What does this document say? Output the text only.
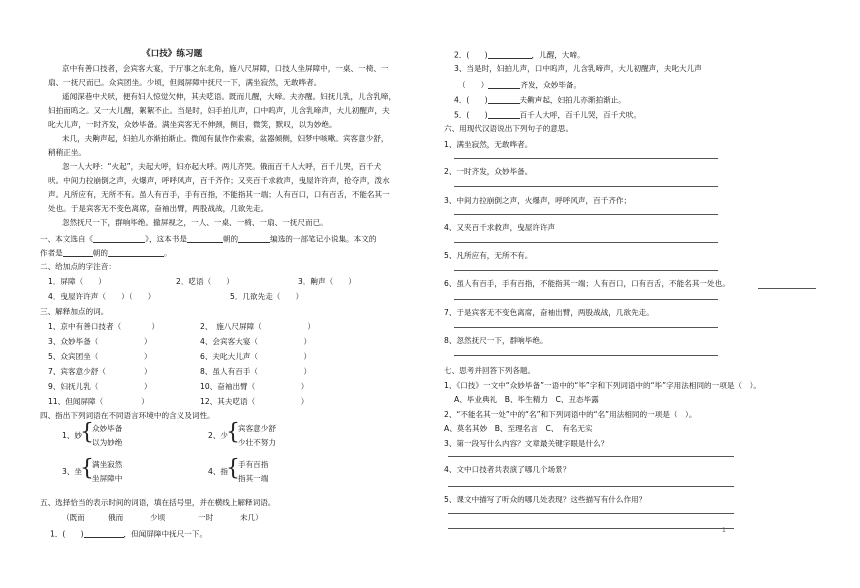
《口技》练习题
京中有善口技者，会宾客大宴，于厅事之东北角，施八尺屏障，口技人坐屏障中，一桌、一椅、一
扇、一抚尺而已。众宾团坐。少顷，但闻屏障中抚尺一下，满坐寂然，无敢哗者。
遥闻深巷中犬吠，便有妇人惊觉欠伸，其夫呓语。既而儿醒，大啼。夫亦醒。妇抚儿乳，儿含乳啼，
妇拍而呜之。又一大儿醒，絮絮不止。当是时，妇手拍儿声，口中呜声，儿含乳啼声，大儿初醒声，夫
叱大儿声，一时齐发，众妙毕备。满坐宾客无不伸颈，侧目，微笑，默叹，以为妙绝。
未几，夫齁声起，妇拍儿亦渐拍渐止。微闻有鼠作作索索，盆器倾侧，妇梦中咳嗽。宾客意少舒，
稍稍正坐。
忽一人大呼：“火起”，夫起大呼，妇亦起大呼。两儿齐哭。俄而百千人大呼，百千儿哭，百千犬
吠。中间力拉崩倒之声，火爆声，呼呼风声，百千齐作；又夹百千求救声，曳屋许许声，抢夺声，泼水
声。凡所应有，无所不有。虽人有百手，手有百指，不能指其一端；人有百口，口有百舌，不能名其一
处也。于是宾客无不变色离席，奋袖出臂，两股战战，几欲先走。
忽然抚尺一下，群响毕绝。撤屏视之，一人、一桌、一椅、一扇、一抚尺而已。
一、本文选自《	》，这本书是	朝的	编选的一部笔记小说集。本文的
作者是	朝的	。
二、给加点的字注音：
1．屏障（　　）	2．呓语（　　）	3．齁声（　　）
4．曳屋许许声（　　）（　　）	5．几欲先走（　　）
三、解释加点的词。
1、京中有善口技者（　　　　）	2、　施八尺屏障（　　　　　　）
3、众妙毕备（　　　　　　）	4、会宾客大宴（　　　　　　）
5、众宾团坐（　　　　　　）	6、夫叱大儿声（　　　　　　）
7、宾客意少舒（　　　　　）	8、虽人有百手（　　　　　　）
9、妇抚儿乳（　　　　　　）	10、奋袖出臂（　　　　　　）
11、但闻屏障（　　　　　）	12、其夫呓语（　　　　　　）
四、指出下列词语在不同语言环境中的含义及词性。
1、妙
{
众妙毕备
以为妙绝
2、少
{
宾客意少舒
少壮不努力
3、坐
{
满坐寂然
坐屏障中
4、指
{
手有百指
指其一端
五、选择恰当的表示时间的词语，填在括号里，并在横线上解释词语。
（既而	俄而	少顷	一时	未几）
1．(　　)	，但闻屏障中抚尺一下。
2．(　　)	，儿醒，大啼。
3、当是时，妇拍儿声，口中呜声，儿含乳啼声，大儿初醒声，夫叱大儿声
（　　）	齐发，众妙毕备。
4．(　　)	夫齁声起，妇拍儿亦渐拍渐止。
5．(　　)	百千人大呼，百千儿哭，百千犬吠。
六、用现代汉语说出下列句子的意思。
1、满坐寂然，无敢哗者。
2、一时齐发，众妙毕备。
3、中间力拉崩倒之声，火爆声，呼呼风声，百千齐作；
4、又夹百千求救声，曳屋许许声
5、凡所应有，无所不有。
6、虽人有百手，手有百指，不能指其一端；人有百口，口有百舌，不能名其一处也。
7、于是宾客无不变色离席，奋袖出臂，两股战战，几欲先走。
8、忽然抚尺一下，群响毕绝。
七、思考并回答下列各题。
1、《口技》一文中“众妙毕备”一语中的“毕”字和下列词语中的“毕”字用法相同的一项是（　）。
A、毕业典礼　B、毕生精力　C、丑态毕露
2、“不能名其一处”中的“名”和下列词语中的“名”用法相同的一项是（　）。
A、莫名其妙　B、至理名言　C、　有名无实
3、第一段写什么内容？文章最关键字眼是什么？
4、文中口技者共表演了哪几个场景？
5、课文中描写了听众的哪几处表现？这些描写有什么作用？
1
